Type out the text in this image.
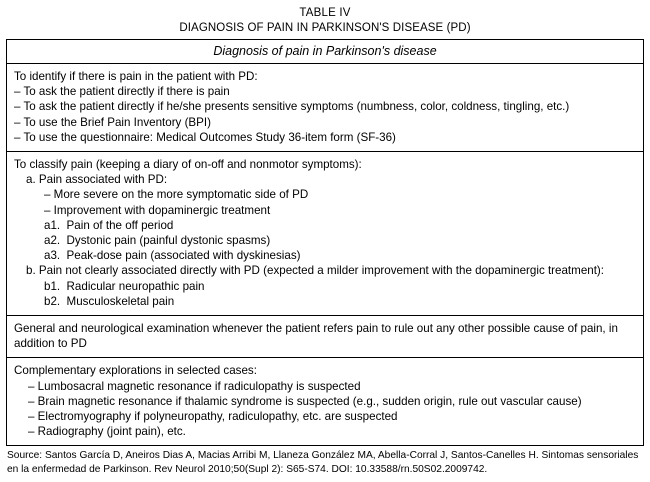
TABLE IV
DIAGNOSIS OF PAIN IN PARKINSON'S DISEASE (PD)
Diagnosis of pain in Parkinson's disease
To identify if there is pain in the patient with PD:
– To ask the patient directly if there is pain
– To ask the patient directly if he/she presents sensitive symptoms (numbness, color, coldness, tingling, etc.)
– To use the Brief Pain Inventory (BPI)
– To use the questionnaire: Medical Outcomes Study 36-item form (SF-36)
To classify pain (keeping a diary of on-off and nonmotor symptoms):
a. Pain associated with PD:
– More severe on the more symptomatic side of PD
– Improvement with dopaminergic treatment
a1.  Pain of the off period
a2.  Dystonic pain (painful dystonic spasms)
a3.  Peak-dose pain (associated with dyskinesias)
b. Pain not clearly associated directly with PD (expected a milder improvement with the dopaminergic treatment):
b1.  Radicular neuropathic pain
b2.  Musculoskeletal pain
General and neurological examination whenever the patient refers pain to rule out any other possible cause of pain, in addition to PD
Complementary explorations in selected cases:
– Lumbosacral magnetic resonance if radiculopathy is suspected
– Brain magnetic resonance if thalamic syndrome is suspected (e.g., sudden origin, rule out vascular cause)
– Electromyography if polyneuropathy, radiculopathy, etc. are suspected
– Radiography (joint pain), etc.
Source: Santos García D, Aneiros Dias A, Macias Arribi M, Llaneza González MA, Abella-Corral J, Santos-Canelles H. Sintomas sensoriales en la enfermedad de Parkinson. Rev Neurol 2010;50(Supl 2): S65-S74. DOI: 10.33588/rn.50S02.2009742.
